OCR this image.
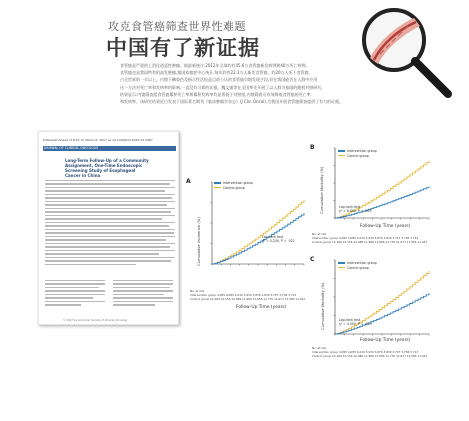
攻克食管癌筛查世界性难题
中国有了新证据

食管癌是严重的上消化道恶性肿瘤。据最新统计,2012年全球约有45.6万食管癌新发病例和40万死亡病例。

食管癌也是我国特有的高发肿瘤,据国家癌症中心统计,每年约有22.3万人新发食管癌、约20万人死于食管癌,

占全世界的一半以上。内镜下碘染色及指示性活检是目前公认的食管癌早期发现手段,但在我国能否在人群中应用

这一方法对死亡率和发病率的影响,一直没有可靠的证据。魏文强等在全国率先开展了以人群为基础的随机对照研究,

结果显示:内镜筛查组食管癌累积死亡率和累积发病率均显著低于对照组,内镜筛查可有效降低食管癌的死亡率

和发病率。该研究结果近日发表于国际著名期刊《临床肿瘤学杂志》(J Clin Oncol),为我国开展食管癌筛查提供了有力的证据。

Published Ahead of Print on March 6, 2017 as 10.1200/JCO.2016.70.3467
JOURNAL OF CLINICAL ONCOLOGY
Long-Term Follow-Up of a Community Assignment, One-Time Endoscopic Screening Study of Esophageal Cancer in China
© 2017 by American Society of Clinical Oncology
A
Cumulative Incidence (%)
Intervention group
Control group
Log-rank test
χ² = 5.230, P = .022
No. at risk
Intervention group 4,095 4,085 4,010 3,934 3,876 3,839 3,797 3,756 3,713
Control group 12,184 12,156 12,089 11,989 11,856 11,770 11,677 11,584 11,457
Follow-Up Time (years)
B
Cumulative Mortality (%)
Intervention group
Control group
Log-rank test
χ² = 8.860, P = .003
Follow-Up Time (years)
No. at risk
Intervention group 4,095 4,085 4,010 3,934 3,876 3,839 3,797 3,756 3,713
Control group 12,184 12,156 12,089 11,989 11,856 11,770 11,677 11,584 11,457
C
Cumulative Mortality (%)
Intervention group
Control group
Log-rank test
χ² = 4.550, P = .033
Follow-Up Time (years)
No. at risk
Intervention group 4,095 4,085 4,010 3,934 3,876 3,839 3,797 3,756 3,713
Control group 12,184 12,156 12,089 11,989 11,856 11,770 11,677 11,584 11,457
